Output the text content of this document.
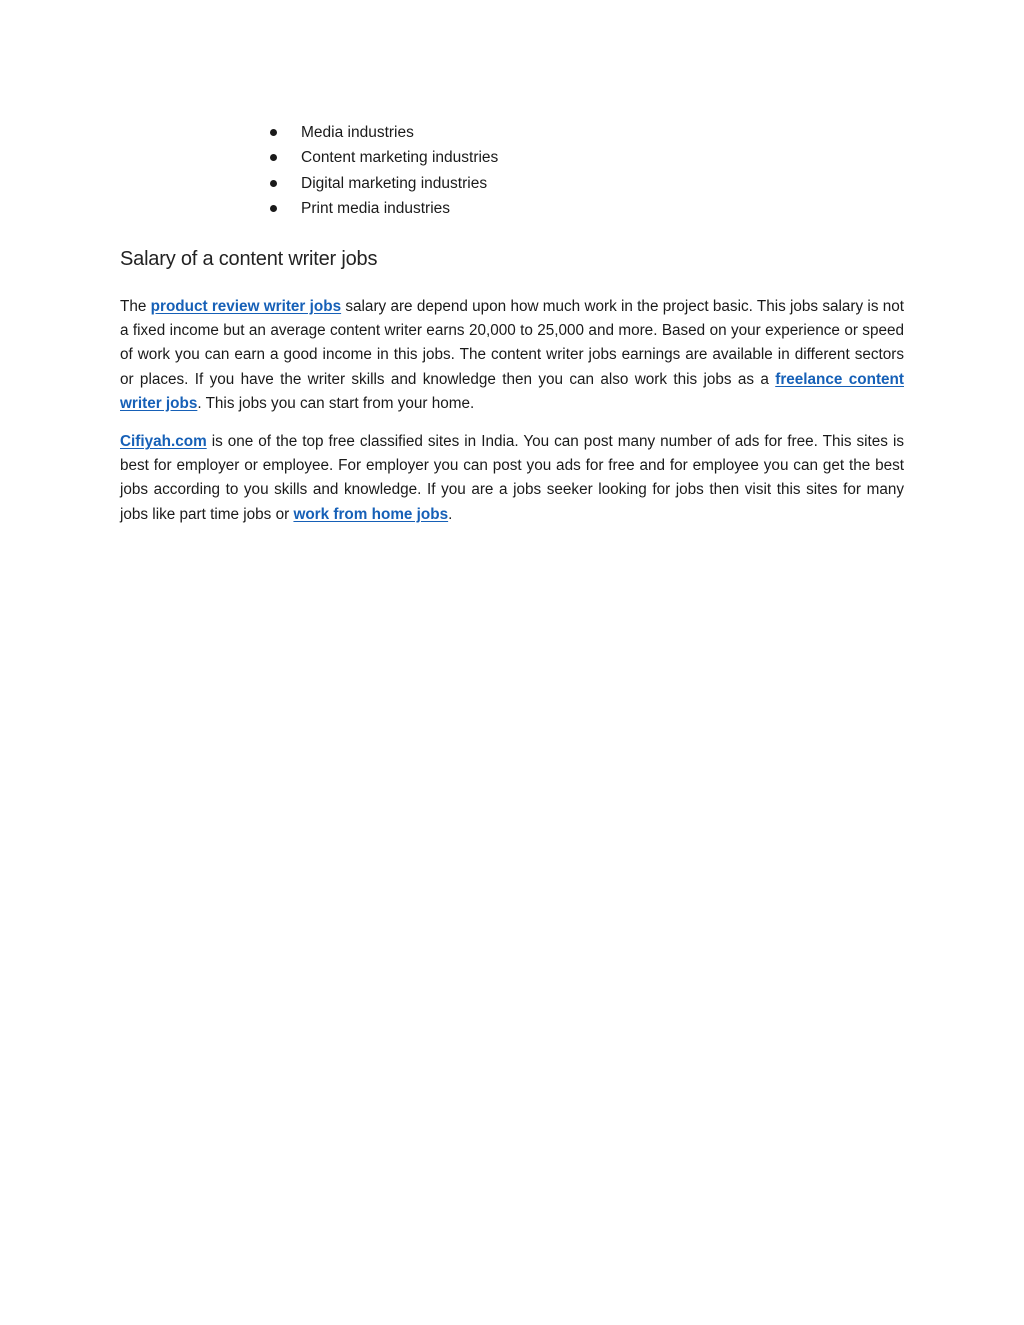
Media industries
Content marketing industries
Digital marketing industries
Print media industries
Salary of a content writer jobs

The product review writer jobs salary are depend upon how much work in the project basic. This jobs salary is not a fixed income but an average content writer earns 20,000 to 25,000 and more. Based on your experience or speed of work you can earn a good income in this jobs. The content writer jobs earnings are available in different sectors or places. If you have the writer skills and knowledge then you can also work this jobs as a freelance content writer jobs. This jobs you can start from your home.

Cifiyah.com is one of the top free classified sites in India. You can post many number of ads for free. This sites is best for employer or employee. For employer you can post you ads for free and for employee you can get the best jobs according to you skills and knowledge. If you are a jobs seeker looking for jobs then visit this sites for many jobs like part time jobs or work from home jobs.
